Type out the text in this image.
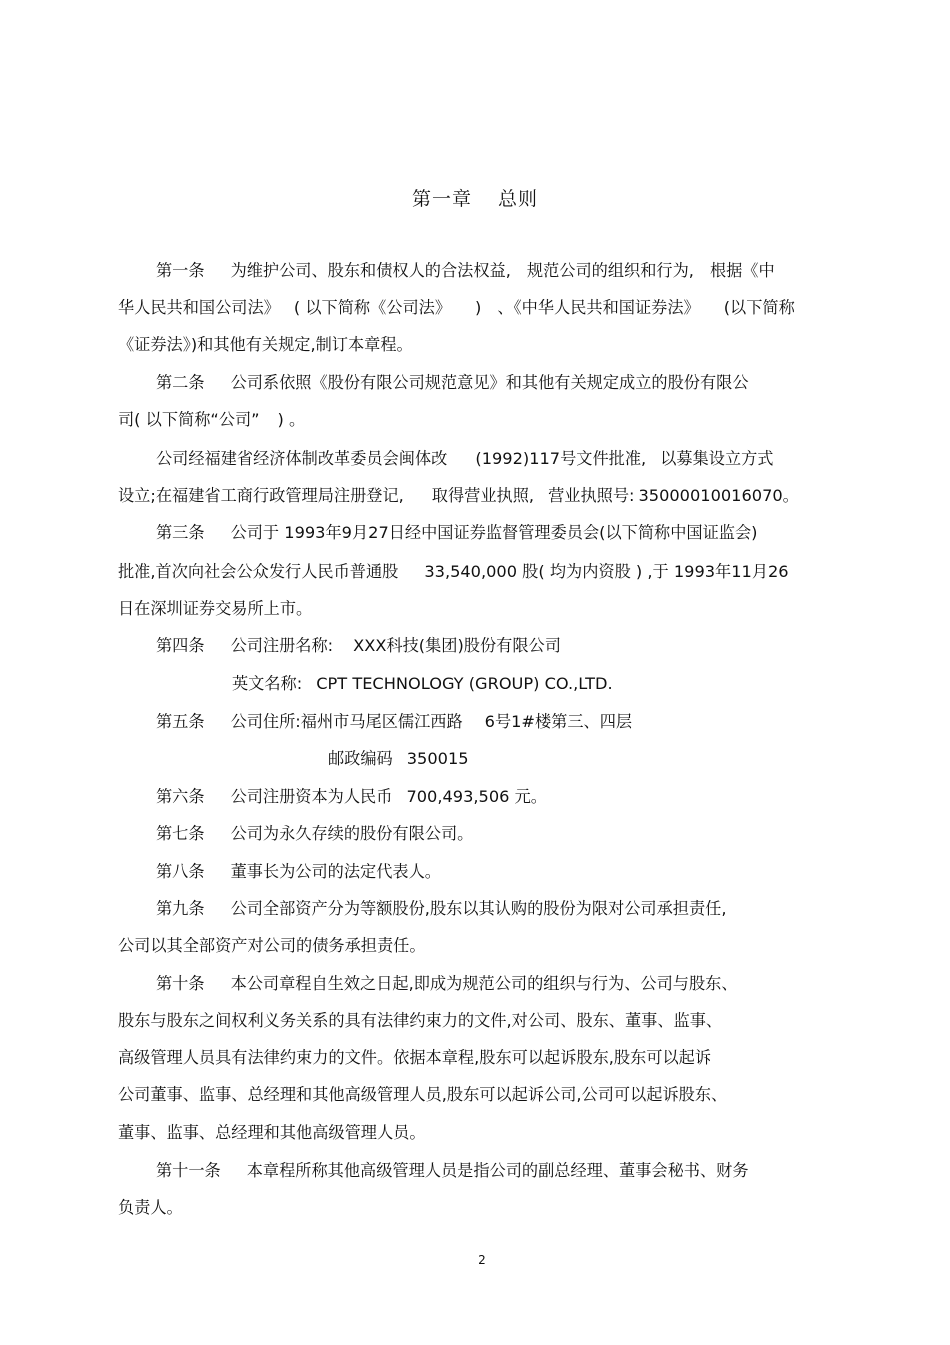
第一章 总则
第一条 为维护公司、股东和债权人的合法权益, 规范公司的组织和行为, 根据《中
华人民共和国公司法》 ( 以下简称《公司法》 ) 、《中华人民共和国证券法》 (以下简称
《证券法》)和其他有关规定,制订本章程。
第二条 公司系依照《股份有限公司规范意见》和其他有关规定成立的股份有限公
司( 以下简称“公司” ) 。
公司经福建省经济体制改革委员会闽体改 (1992)117号文件批准, 以募集设立方式
设立;在福建省工商行政管理局注册登记, 取得营业执照, 营业执照号: 35000010016070。
第三条 公司于 1993年9月27日经中国证券监督管理委员会(以下简称中国证监会)
批准,首次向社会公众发行人民币普通股 33,540,000 股( 均为内资股 ) ,于 1993年11月26
日在深圳证券交易所上市。
第四条 公司注册名称: XXX科技(集团)股份有限公司
英文名称: CPT TECHNOLOGY (GROUP) CO.,LTD.
第五条 公司住所:福州市马尾区儒江西路 6号1#楼第三、四层
邮政编码 350015
第六条 公司注册资本为人民币 700,493,506 元。
第七条 公司为永久存续的股份有限公司。
第八条 董事长为公司的法定代表人。
第九条 公司全部资产分为等额股份,股东以其认购的股份为限对公司承担责任,
公司以其全部资产对公司的债务承担责任。
第十条 本公司章程自生效之日起,即成为规范公司的组织与行为、公司与股东、
股东与股东之间权利义务关系的具有法律约束力的文件,对公司、股东、董事、监事、
高级管理人员具有法律约束力的文件。依据本章程,股东可以起诉股东,股东可以起诉
公司董事、监事、总经理和其他高级管理人员,股东可以起诉公司,公司可以起诉股东、
董事、监事、总经理和其他高级管理人员。
第十一条 本章程所称其他高级管理人员是指公司的副总经理、董事会秘书、财务
负责人。
2
